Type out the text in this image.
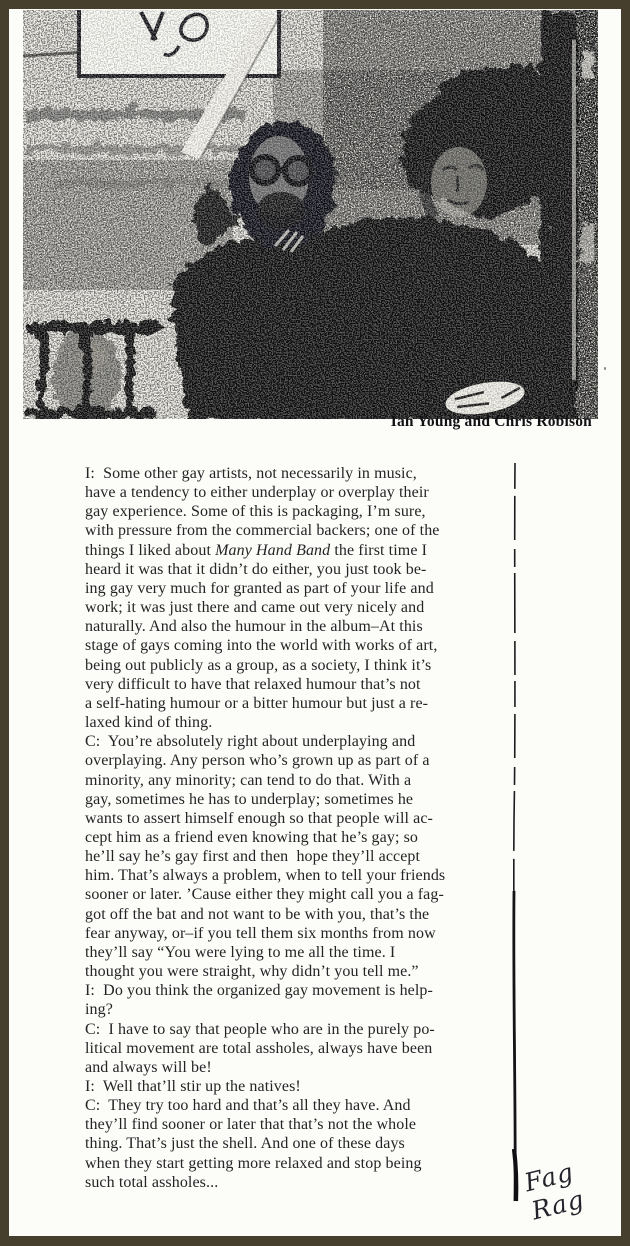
Ian Young and Chris Robison
I:  Some other gay artists, not necessarily in music,
have a tendency to either underplay or overplay their
gay experience. Some of this is packaging, I’m sure,
with pressure from the commercial backers; one of the
things I liked about Many Hand Band the first time I
heard it was that it didn’t do either, you just took be-
ing gay very much for granted as part of your life and
work; it was just there and came out very nicely and
naturally. And also the humour in the album–At this
stage of gays coming into the world with works of art,
being out publicly as a group, as a society, I think it’s
very difficult to have that relaxed humour that’s not
a self-hating humour or a bitter humour but just a re-
laxed kind of thing.
C:  You’re absolutely right about underplaying and
overplaying. Any person who’s grown up as part of a
minority, any minority; can tend to do that. With a
gay, sometimes he has to underplay; sometimes he
wants to assert himself enough so that people will ac-
cept him as a friend even knowing that he’s gay; so
he’ll say he’s gay first and then  hope they’ll accept
him. That’s always a problem, when to tell your friends
sooner or later. ’Cause either they might call you a fag-
got off the bat and not want to be with you, that’s the
fear anyway, or–if you tell them six months from now
they’ll say “You were lying to me all the time. I
thought you were straight, why didn’t you tell me.”
I:  Do you think the organized gay movement is help-
ing?
C:  I have to say that people who are in the purely po-
litical movement are total assholes, always have been
and always will be!
I:  Well that’ll stir up the natives!
C:  They try too hard and that’s all they have. And
they’ll find sooner or later that that’s not the whole
thing. That’s just the shell. And one of these days
when they start getting more relaxed and stop being
such total assholes...	Fag Rag
